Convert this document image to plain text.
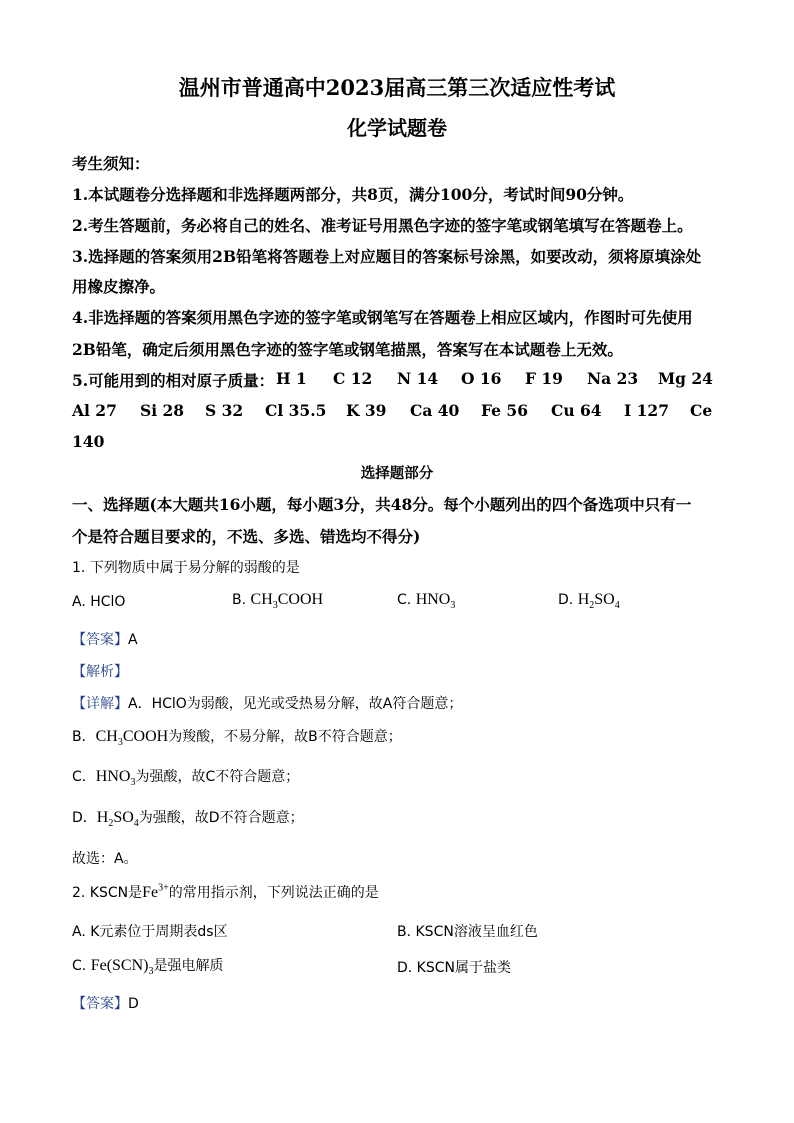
温州市普通高中2023届高三第三次适应性考试
化学试题卷
考生须知：
1.本试题卷分选择题和非选择题两部分，共8页，满分100分，考试时间90分钟。
2.考生答题前，务必将自己的姓名、准考证号用黑色字迹的签字笔或钢笔填写在答题卷上。
3.选择题的答案须用2B铅笔将答题卷上对应题目的答案标号涂黑，如要改动，须将原填涂处
用橡皮擦净。
4.非选择题的答案须用黑色字迹的签字笔或钢笔写在答题卷上相应区域内，作图时可先使用
2B铅笔，确定后须用黑色字迹的签字笔或钢笔描黑，答案写在本试题卷上无效。
5.可能用到的相对原子质量： H 1 C 12 N 14 O 16 F 19 Na 23 Mg 24
Al 27 Si 28 S 32 Cl 35.5 K 39 Ca 40 Fe 56 Cu 64 I 127 Ce
140
选择题部分
一、选择题(本大题共16小题，每小题3分，共48分。每个小题列出的四个备选项中只有一
个是符合题目要求的，不选、多选、错选均不得分)
1. 下列物质中属于易分解的弱酸的是
A. HClO	B. $CH_3COOH$	C. $HNO_3$	D. $H_2SO_4$
【答案】A
【解析】
【详解】A．HClO为弱酸，见光或受热易分解，故A符合题意；
B．$CH_3COOH$为羧酸，不易分解，故B不符合题意；
C．$HNO_3$为强酸，故C不符合题意；
D．$H_2SO_4$为强酸，故D不符合题意；
故选：A。
2. KSCN是$Fe^{3+}$的常用指示剂，下列说法正确的是
A. K元素位于周期表ds区	B. KSCN溶液呈血红色
C. $Fe(SCN)_3$是强电解质	D. KSCN属于盐类
【答案】D
